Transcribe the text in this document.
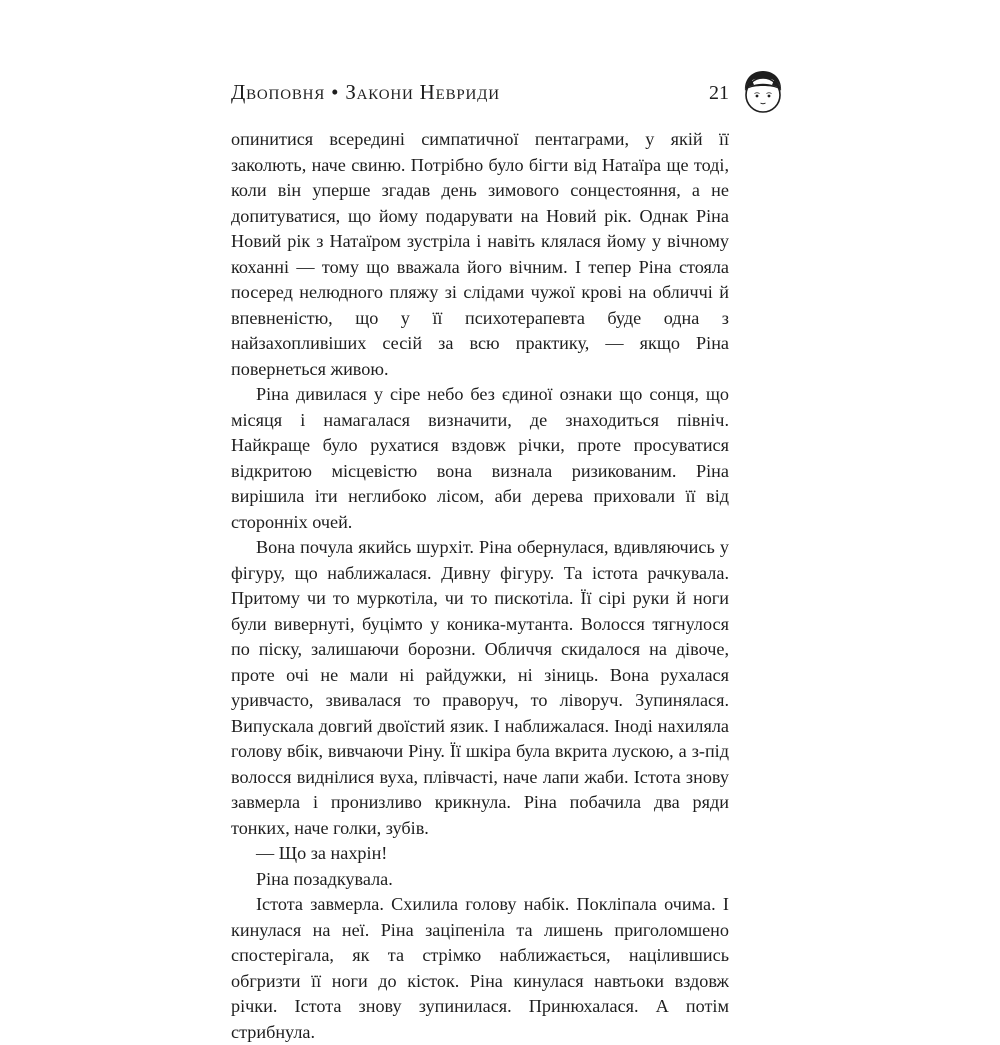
Двоповня • Закони Невриди	21

опинитися всередині симпатичної пентаграми, у якій її заколють, наче свиню. Потрібно було бігти від Натаїра ще тоді, коли він уперше згадав день зимового сонцестояння, а не допитуватися, що йому подарувати на Новий рік. Однак Ріна Новий рік з Натаїром зустріла і навіть клялася йому у вічному коханні — тому що вважала його вічним. І тепер Ріна стояла посеред нелюдного пляжу зі слідами чужої крові на обличчі й впевненістю, що у її психотерапевта буде одна з найзахопливіших сесій за всю практику, — якщо Ріна повернеться живою.

Ріна дивилася у сіре небо без єдиної ознаки що сонця, що місяця і намагалася визначити, де знаходиться північ. Найкраще було рухатися вздовж річки, проте просуватися відкритою місцевістю вона визнала ризикованим. Ріна вирішила іти неглибоко лісом, аби дерева приховали її від сторонніх очей.

Вона почула якийсь шурхіт. Ріна обернулася, вдивляючись у фігуру, що наближалася. Дивну фігуру. Та істота рачкувала. Притому чи то муркотіла, чи то пискотіла. Її сірі руки й ноги були вивернуті, буцімто у коника-мутанта. Волосся тягнулося по піску, залишаючи борозни. Обличчя скидалося на дівоче, проте очі не мали ні райдужки, ні зіниць. Вона рухалася уривчасто, звивалася то праворуч, то ліворуч. Зупинялася. Випускала довгий двоїстий язик. І наближалася. Іноді нахиляла голову вбік, вивчаючи Ріну. Її шкіра була вкрита лускою, а з-під волосся виднілися вуха, плівчасті, наче лапи жаби. Істота знову завмерла і пронизливо крикнула. Ріна побачила два ряди тонких, наче голки, зубів.

— Що за нахрін!

Ріна позадкувала.

Істота завмерла. Схилила голову набік. Покліпала очима. І кинулася на неї. Ріна заціпеніла та лишень приголомшено спостерігала, як та стрімко наближається, націлившись обгризти її ноги до кісток. Ріна кинулася навтьоки вздовж річки. Істота знову зупинилася. Принюхалася. А потім стрибнула.
